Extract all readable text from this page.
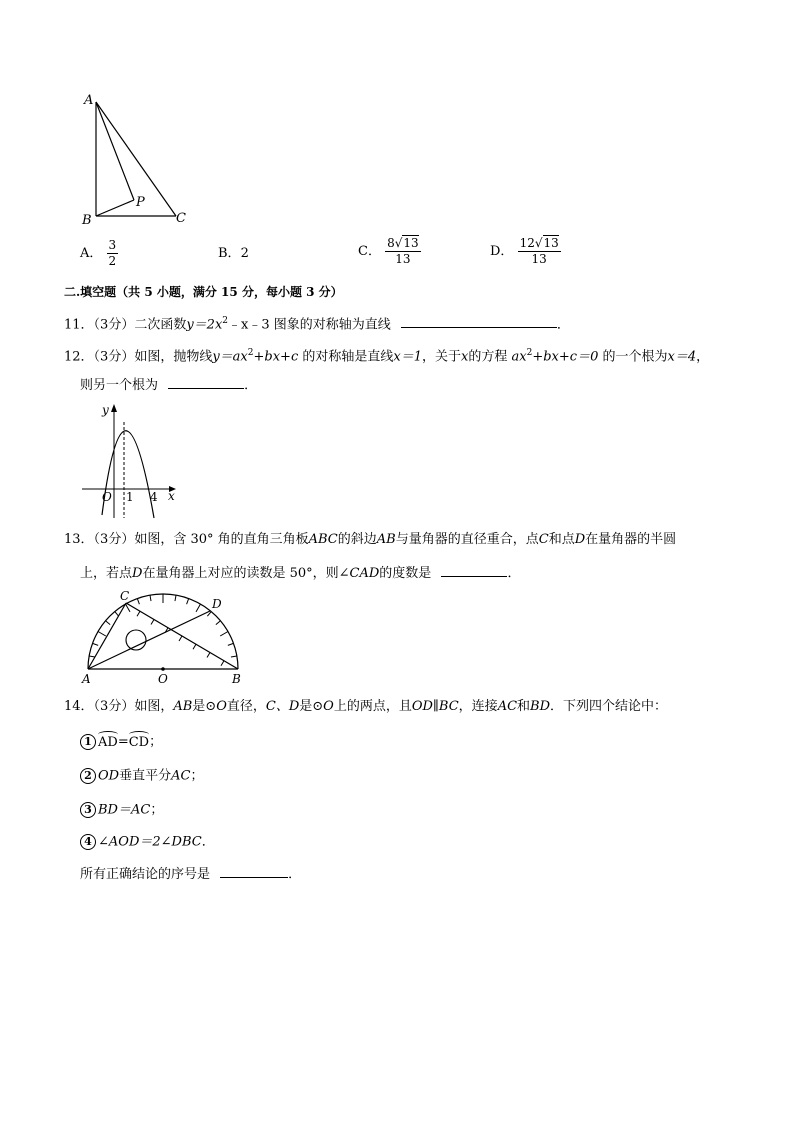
A
B
P
C
A． $\frac{3}{2}$	B．2	C． $\frac{8√13}{13}$	D． $\frac{12√13}{13}$
二.填空题（共 5 小题，满分 15 分，每小题 3 分）
11．（3分）二次函数$y=2x^2﹣x﹣3$ 图象的对称轴为直线	．
12．（3分）如图，抛物线$y=ax^2+bx+c$ 的对称轴是直线x＝1，关于x的方程 $ax^2+bx+c=0$ 的一个根为x＝4，
则另一个根为	．
y
x
O 1 4
13．（3分）如图，含 30° 角的直角三角板ABC的斜边AB与量角器的直径重合，点C和点D在量角器的半圆
上，若点D在量角器上对应的读数是 50°，则∠CAD的度数是	．
C
D
A	O	B
14．（3分）如图，AB是⊙O直径，C、D是⊙O上的两点，且OD∥BC，连接AC和BD．下列四个结论中：
1 AD=CD；
2 OD垂直平分AC；
3 BD＝AC；
4 ∠AOD＝2∠DBC．
所有正确结论的序号是	．
